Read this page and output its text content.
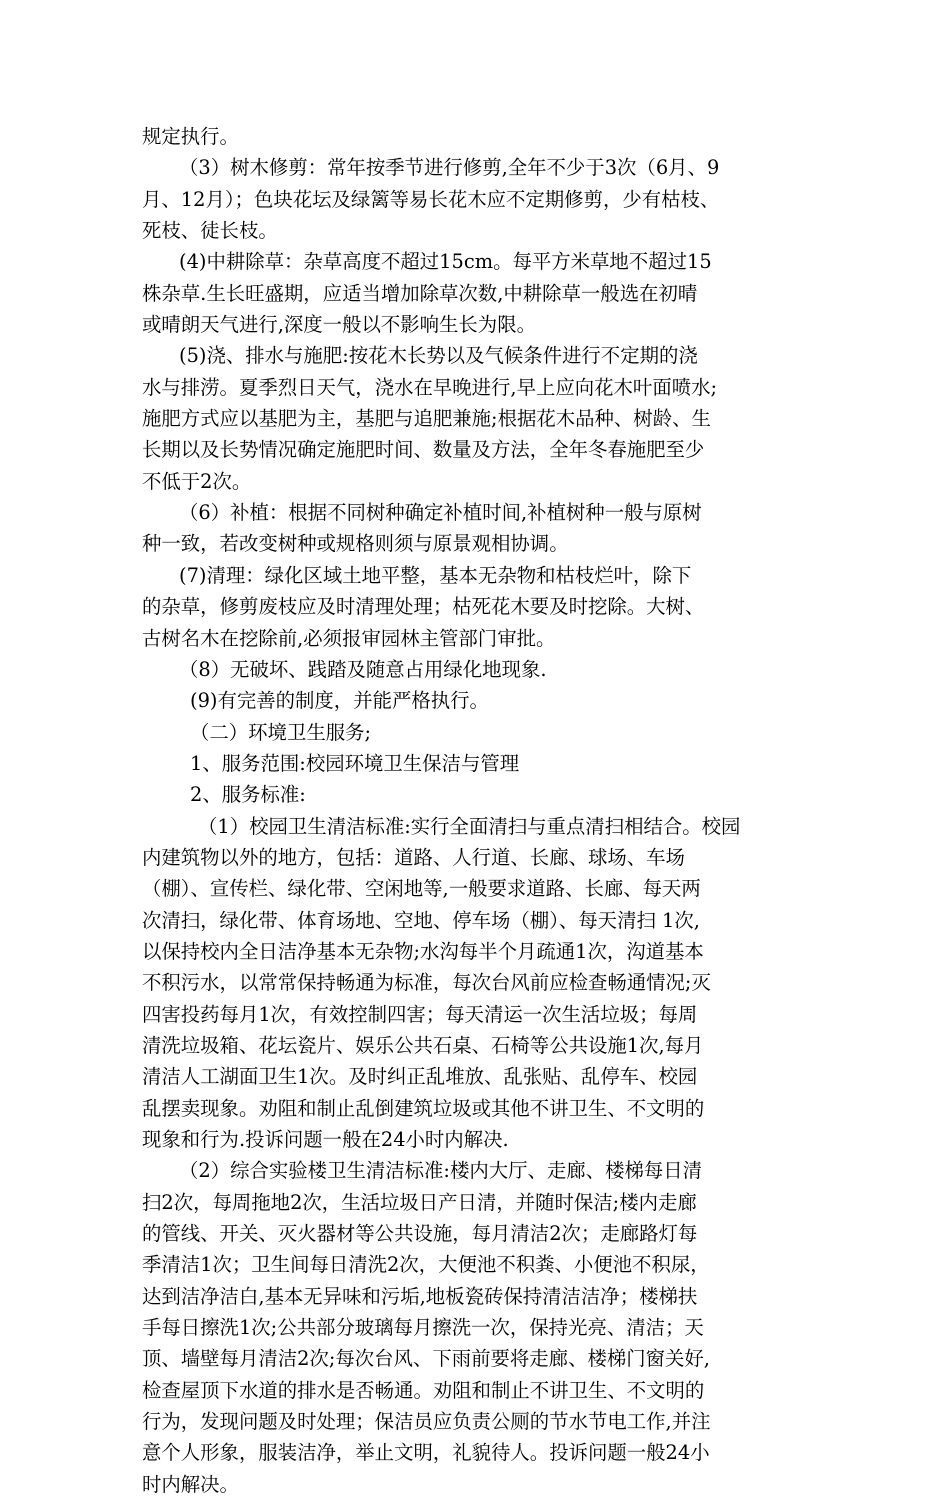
规定执行。
（3）树木修剪：常年按季节进行修剪,全年不少于3次（6月、9
月、12月）；色块花坛及绿篱等易长花木应不定期修剪，少有枯枝、
死枝、徒长枝。
(4)中耕除草：杂草高度不超过15cm。每平方米草地不超过15
株杂草.生长旺盛期，应适当增加除草次数,中耕除草一般选在初晴
或晴朗天气进行,深度一般以不影响生长为限。
(5)浇、排水与施肥:按花木长势以及气候条件进行不定期的浇
水与排涝。夏季烈日天气，浇水在早晚进行,早上应向花木叶面喷水;
施肥方式应以基肥为主，基肥与追肥兼施;根据花木品种、树龄、生
长期以及长势情况确定施肥时间、数量及方法，全年冬春施肥至少
不低于2次。
（6）补植：根据不同树种确定补植时间,补植树种一般与原树
种一致，若改变树种或规格则须与原景观相协调。
(7)清理：绿化区域土地平整，基本无杂物和枯枝烂叶，除下
的杂草，修剪废枝应及时清理处理；枯死花木要及时挖除。大树、
古树名木在挖除前,必须报审园林主管部门审批。
（8）无破坏、践踏及随意占用绿化地现象.
(9)有完善的制度，并能严格执行。
（二）环境卫生服务;
1、服务范围:校园环境卫生保洁与管理
2、服务标准:
（1）校园卫生清洁标准:实行全面清扫与重点清扫相结合。校园
内建筑物以外的地方，包括：道路、人行道、长廊、球场、车场
（棚）、宣传栏、绿化带、空闲地等,一般要求道路、长廊、每天两
次清扫，绿化带、体育场地、空地、停车场（棚）、每天清扫 1次,
以保持校内全日洁净基本无杂物;水沟每半个月疏通1次，沟道基本
不积污水，以常常保持畅通为标准，每次台风前应检查畅通情况;灭
四害投药每月1次，有效控制四害；每天清运一次生活垃圾；每周
清洗垃圾箱、花坛瓷片、娱乐公共石桌、石椅等公共设施1次,每月
清洁人工湖面卫生1次。及时纠正乱堆放、乱张贴、乱停车、校园
乱摆卖现象。劝阻和制止乱倒建筑垃圾或其他不讲卫生、不文明的
现象和行为.投诉问题一般在24小时内解决.
（2）综合实验楼卫生清洁标准:楼内大厅、走廊、楼梯每日清
扫2次，每周拖地2次，生活垃圾日产日清，并随时保洁;楼内走廊
的管线、开关、灭火器材等公共设施，每月清洁2次；走廊路灯每
季清洁1次；卫生间每日清洗2次，大便池不积粪、小便池不积尿，
达到洁净洁白,基本无异味和污垢,地板瓷砖保持清洁洁净；楼梯扶
手每日擦洗1次;公共部分玻璃每月擦洗一次，保持光亮、清洁；天
顶、墙壁每月清洁2次;每次台风、下雨前要将走廊、楼梯门窗关好,
检查屋顶下水道的排水是否畅通。劝阻和制止不讲卫生、不文明的
行为，发现问题及时处理；保洁员应负责公厕的节水节电工作,并注
意个人形象，服装洁净，举止文明，礼貌待人。投诉问题一般24小
时内解决。
